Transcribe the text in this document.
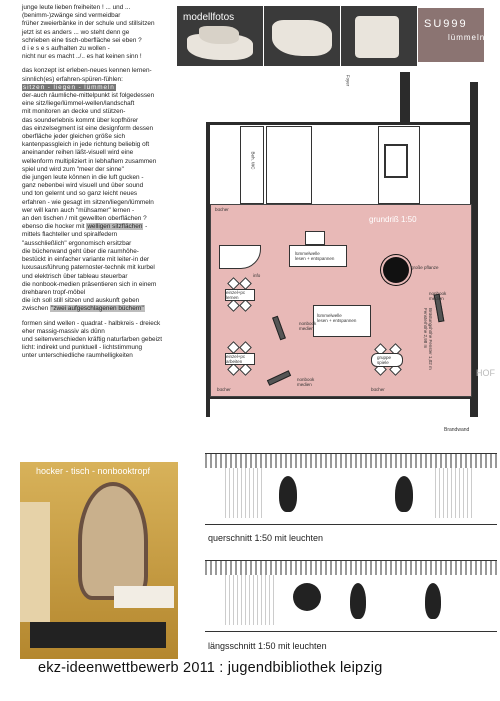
junge leute lieben freiheiten ! ... und ...
(benimm-)zwänge sind vermeidbar
früher zweierbänke in der schule und stillsitzen
jetzt ist es anders ... wo steht denn ge
schrieben eine tisch-oberfläche sei eben ?
d i e s e s aufhalten zu wollen -
nicht nur es macht ../.. es hat keinen sinn !

das konzept ist erleben-neues kennen lernen-
sinnlich(es) erfahren-spüren-fühlen:

sitzen - liegen - lümmeln

der-auch räumliche-mittelpunkt ist folgedessen
eine sitz/liege/lümmel-wellen/landschaft
mit monitoren an decke und stützen-
das sounderlebnis kommt über kopfhörer
das einzelsegment ist eine designform dessen
oberfläche jeder gleichen größe sich
kantenpassgleich in jede richtung beliebig oft
aneinander reihen läßt-visuell wird eine
wellenform multipliziert in lebhaftem zusammen
spiel und wird zum "meer der sinne"
die jungen leute können in die luft gucken -
ganz nebenbei wird visuell und über sound
und ton gelernt und so ganz leicht neues
erfahren - wie gesagt im sitzen/liegen/lümmeln
wer will kann auch "mühsamer" lernen -
an den tischen / mit gewellten oberflächen ?
ebenso die hocker mit welligen sitzflächen -

mittels flachteller und spiralfedern
"ausschließlich" ergonomisch ersitzbar
die bücherwand geht über die raumhöhe-
bestückt in einfacher variante mit leiter-in der
luxusausführung paternoster-technik mit kurbel
und elektrisch über tableau steuerbar
die nonbook-medien präsentieren sich in einem
drehbaren tropf-möbel
die ich soll still sitzen und auskunft geben
zwischen "zwei aufgeschlagenen büchern"

formen sind wellen - quadrat - halbkreis - dreieck
eher massig-massiv als dünn
und seitenverschieden kräftig naturfarben gebeizt
licht: indirekt und punktuell - lichtstimmung
unter unterschiedliche raumhelligkeiten

modellfotos
SU999
lümmeln
Beh. WC
Foyer
bücher
info
grundriß 1:50
lümmelwelle
lesen + entspannen
lümmelwelle
lesen + entspannen
große pflanze
einzel+pc
lernen
einzel+pc
arbeiten
gruppe
spiele
nonbook
medien
nonbook
medien
nonbook
medien
bücher	bücher
Brüstungshöhe Fenster 1,02 m
Fensterhöhe 2,98 m
Brandwand
HOF
querschnitt 1:50 mit leuchten
längsschnitt 1:50 mit leuchten
hocker - tisch - nonbooktropf
ekz-ideenwettbewerb 2011 : jugendbibliothek leipzig
